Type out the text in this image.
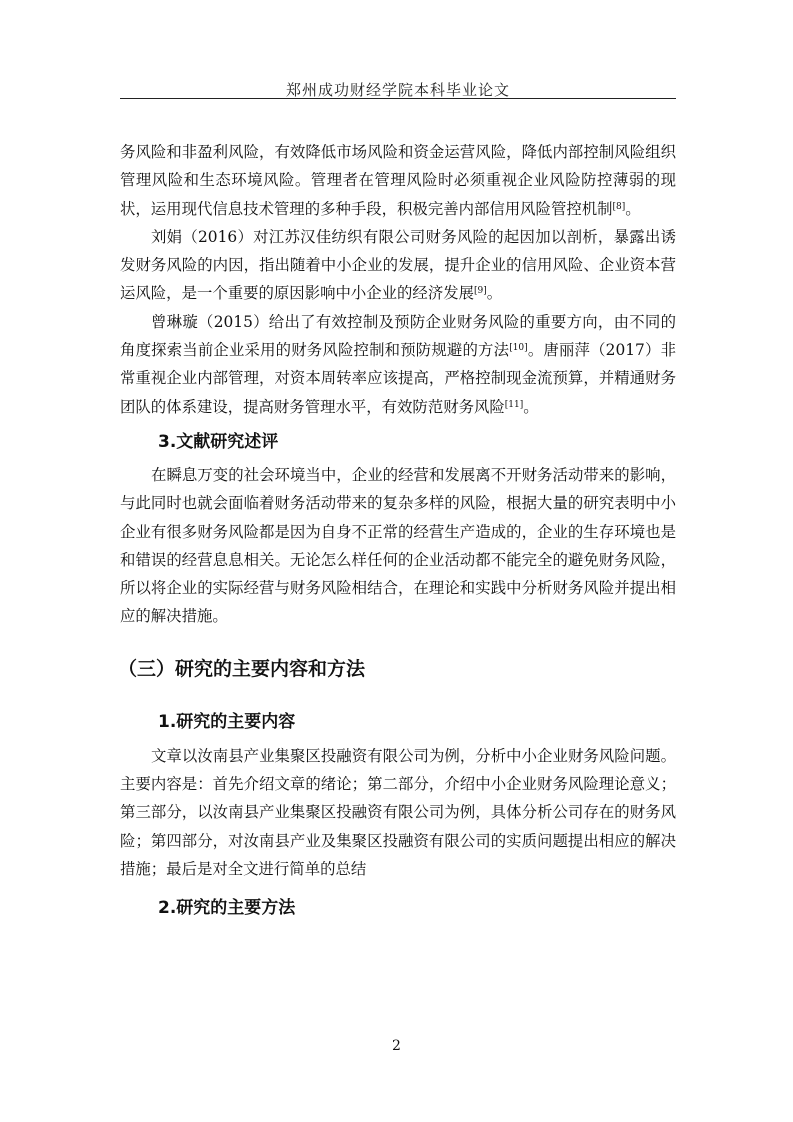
郑州成功财经学院本科毕业论文

务风险和非盈利风险，有效降低市场风险和资金运营风险，降低内部控制风险组织管理风险和生态环境风险。管理者在管理风险时必须重视企业风险防控薄弱的现状，运用现代信息技术管理的多种手段，积极完善内部信用风险管控机制[8]。

刘娟（2016）对江苏汉佳纺织有限公司财务风险的起因加以剖析，暴露出诱发财务风险的内因，指出随着中小企业的发展，提升企业的信用风险、企业资本营运风险，是一个重要的原因影响中小企业的经济发展[9]。

曾琳璇（2015）给出了有效控制及预防企业财务风险的重要方向，由不同的角度探索当前企业采用的财务风险控制和预防规避的方法[10]。唐丽萍（2017）非常重视企业内部管理，对资本周转率应该提高，严格控制现金流预算，并精通财务团队的体系建设，提高财务管理水平，有效防范财务风险[11]。

3.文献研究述评

在瞬息万变的社会环境当中，企业的经营和发展离不开财务活动带来的影响，与此同时也就会面临着财务活动带来的复杂多样的风险，根据大量的研究表明中小企业有很多财务风险都是因为自身不正常的经营生产造成的，企业的生存环境也是和错误的经营息息相关。无论怎么样任何的企业活动都不能完全的避免财务风险，所以将企业的实际经营与财务风险相结合，在理论和实践中分析财务风险并提出相应的解决措施。

（三）研究的主要内容和方法
1.研究的主要内容

文章以汝南县产业集聚区投融资有限公司为例，分析中小企业财务风险问题。主要内容是：首先介绍文章的绪论；第二部分，介绍中小企业财务风险理论意义；第三部分，以汝南县产业集聚区投融资有限公司为例，具体分析公司存在的财务风险；第四部分，对汝南县产业及集聚区投融资有限公司的实质问题提出相应的解决措施；最后是对全文进行简单的总结

2.研究的主要方法
2
